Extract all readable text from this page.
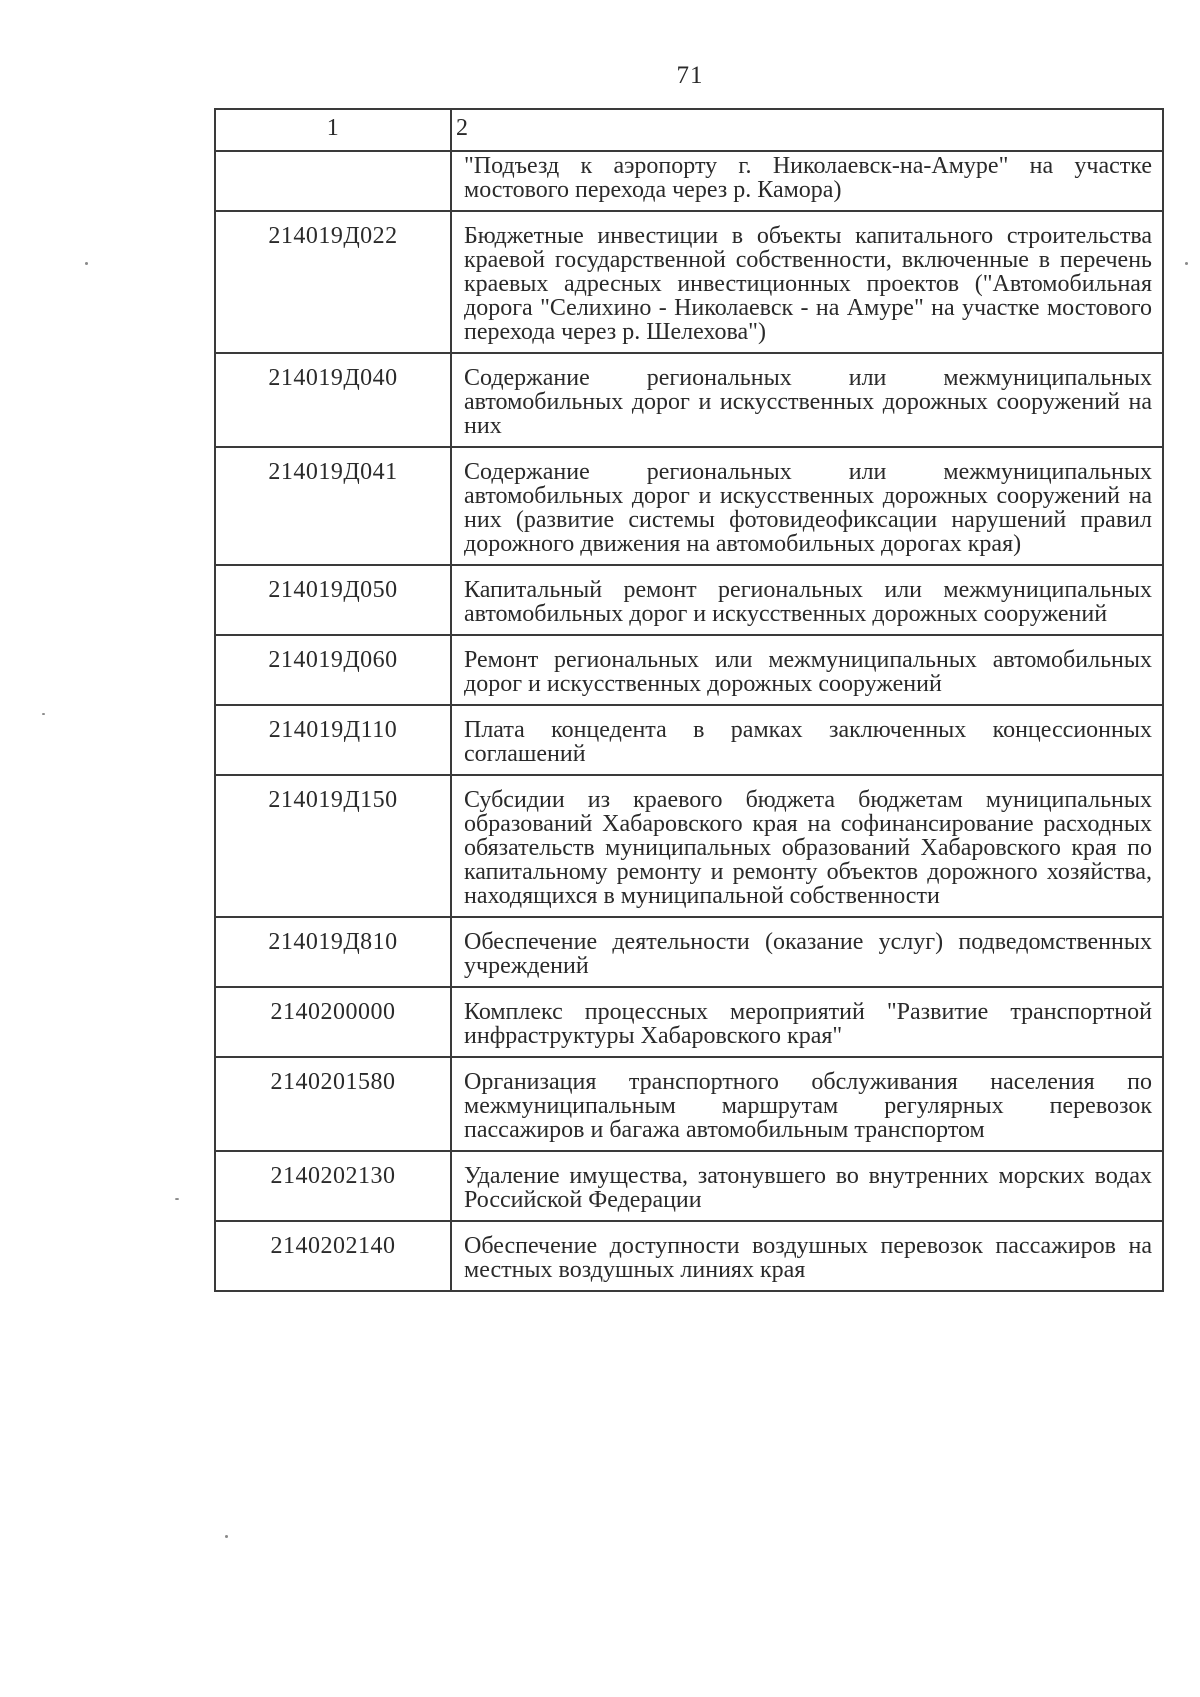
71
1	2
	"Подъезд к аэропорту г. Николаевск-на-Амуре" на участке мостового перехода через р. Камора)
214019Д022	Бюджетные инвестиции в объекты капитального строительства краевой государственной собственности, включенные в перечень краевых адресных инвестиционных проектов ("Автомобильная дорога "Селихино - Николаевск - на Амуре" на участке мостового перехода через р. Шелехова")
214019Д040	Содержание региональных или межмуниципальных автомобильных дорог и искусственных дорожных сооружений на них
214019Д041	Содержание региональных или межмуниципальных автомобильных дорог и искусственных дорожных сооружений на них (развитие системы фотовидеофиксации нарушений правил дорожного движения на автомобильных дорогах края)
214019Д050	Капитальный ремонт региональных или межмуниципальных автомобильных дорог и искусственных дорожных сооружений
214019Д060	Ремонт региональных или межмуниципальных автомобильных дорог и искусственных дорожных сооружений
214019Д110	Плата концедента в рамках заключенных концессионных соглашений
214019Д150	Субсидии из краевого бюджета бюджетам муниципальных образований Хабаровского края на софинансирование расходных обязательств муниципальных образований Хабаровского края по капитальному ремонту и ремонту объектов дорожного хозяйства, находящихся в муниципальной собственности
214019Д810	Обеспечение деятельности (оказание услуг) подведомственных учреждений
2140200000	Комплекс процессных мероприятий "Развитие транспортной инфраструктуры Хабаровского края"
2140201580	Организация транспортного обслуживания населения по межмуниципальным маршрутам регулярных перевозок пассажиров и багажа автомобильным транспортом
2140202130	Удаление имущества, затонувшего во внутренних морских водах Российской Федерации
2140202140	Обеспечение доступности воздушных перевозок пассажиров на местных воздушных линиях края
